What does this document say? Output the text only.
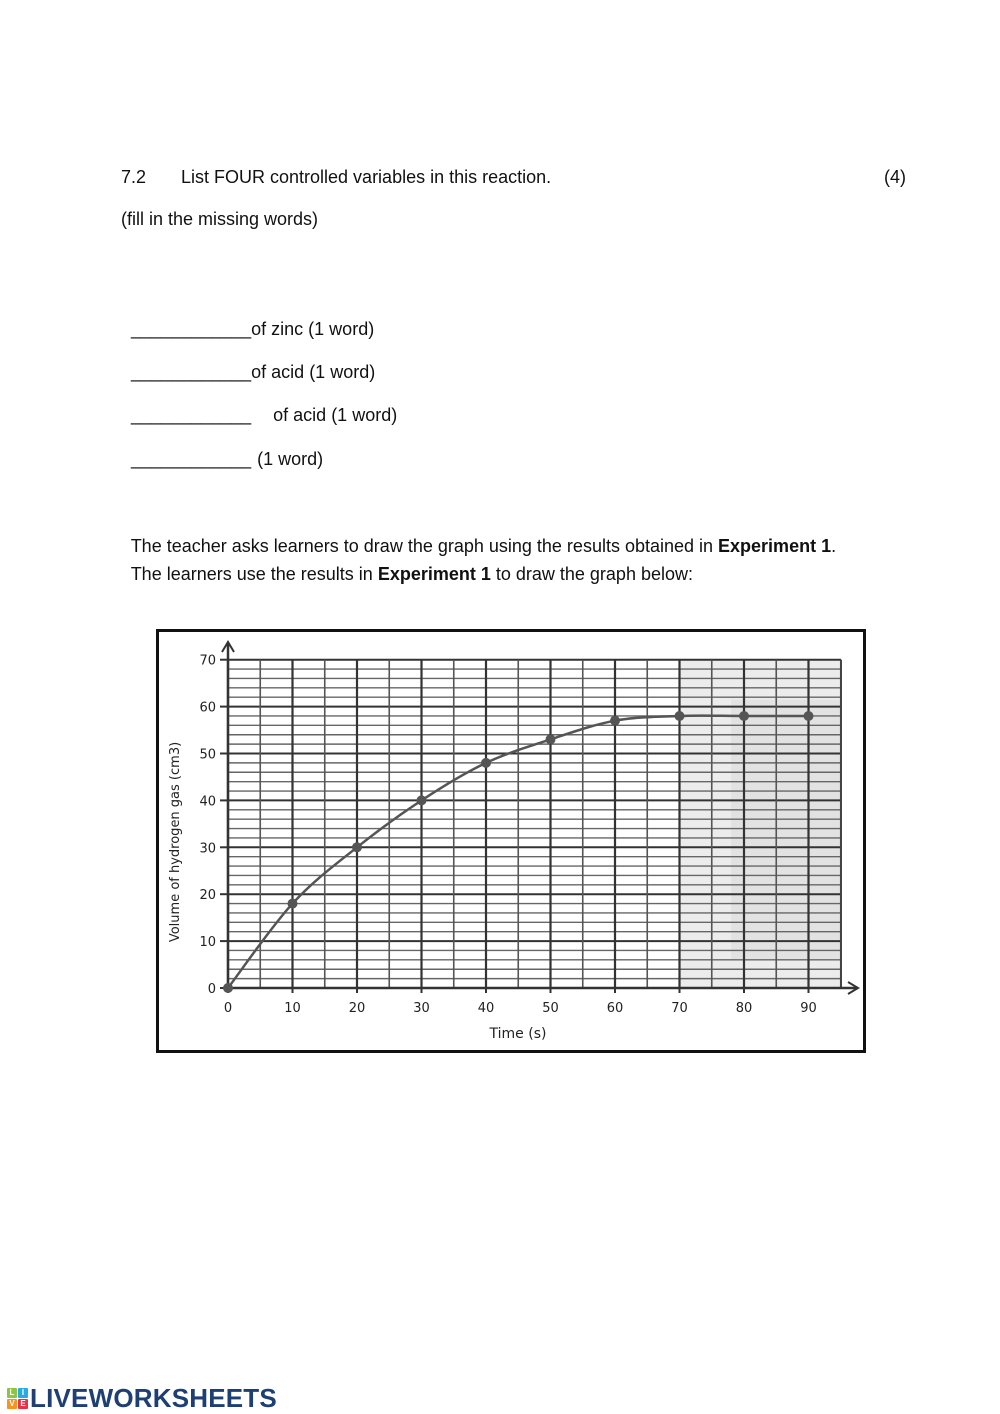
7.2 List FOUR controlled variables in this reaction.	(4)
(fill in the missing words)

____________of zinc (1 word)

____________of acid (1 word)

____________ of acid (1 word)

____________ (1 word)

The teacher asks learners to draw the graph using the results obtained in Experiment 1.

The learners use the results in Experiment 1 to draw the graph below:

0	10	20	30	40	50	60	70	80	90
0
10
20
30
40
50
60
70
Time (s)
Volume of hydrogen gas (cm3)
L I
V E LIVEWORKSHEETS
